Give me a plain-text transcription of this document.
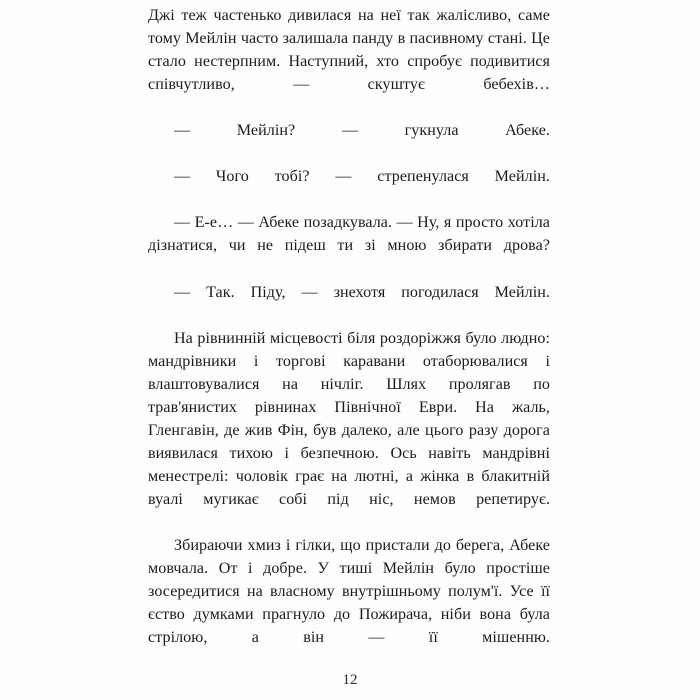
Джі теж частенько дивилася на неї так жалісливо, саме тому Мейлін часто залишала панду в пасивному стані. Це стало нестерпним. Наступний, хто спробує подивитися співчутливо, — скуштує бебехів…

— Мейлін? — гукнула Абеке.

— Чого тобі? — стрепенулася Мейлін.

— Е-е… — Абеке позадкувала. — Ну, я просто хотіла дізнатися, чи не підеш ти зі мною збирати дрова?

— Так. Піду, — знехотя погодилася Мейлін.

На рівнинній місцевості біля роздоріжжя було людно: мандрівники і торгові каравани отаборювалися і влаштовувалися на нічліг. Шлях пролягав по трав'янистих рівнинах Північної Еври. На жаль, Гленгавін, де жив Фін, був далеко, але цього разу дорога виявилася тихою і безпечною. Ось навіть мандрівні менестрелі: чоловік грає на лютні, а жінка в блакитній вуалі мугикає собі під ніс, немов репетирує.

Збираючи хмиз і гілки, що пристали до берега, Абеке мовчала. От і добре. У тиші Мейлін було простіше зосередитися на власному внутрішньому полум'ї. Усе її єство думками прагнуло до Пожирача, ніби вона була стрілою, а він — її мішенню.

12
